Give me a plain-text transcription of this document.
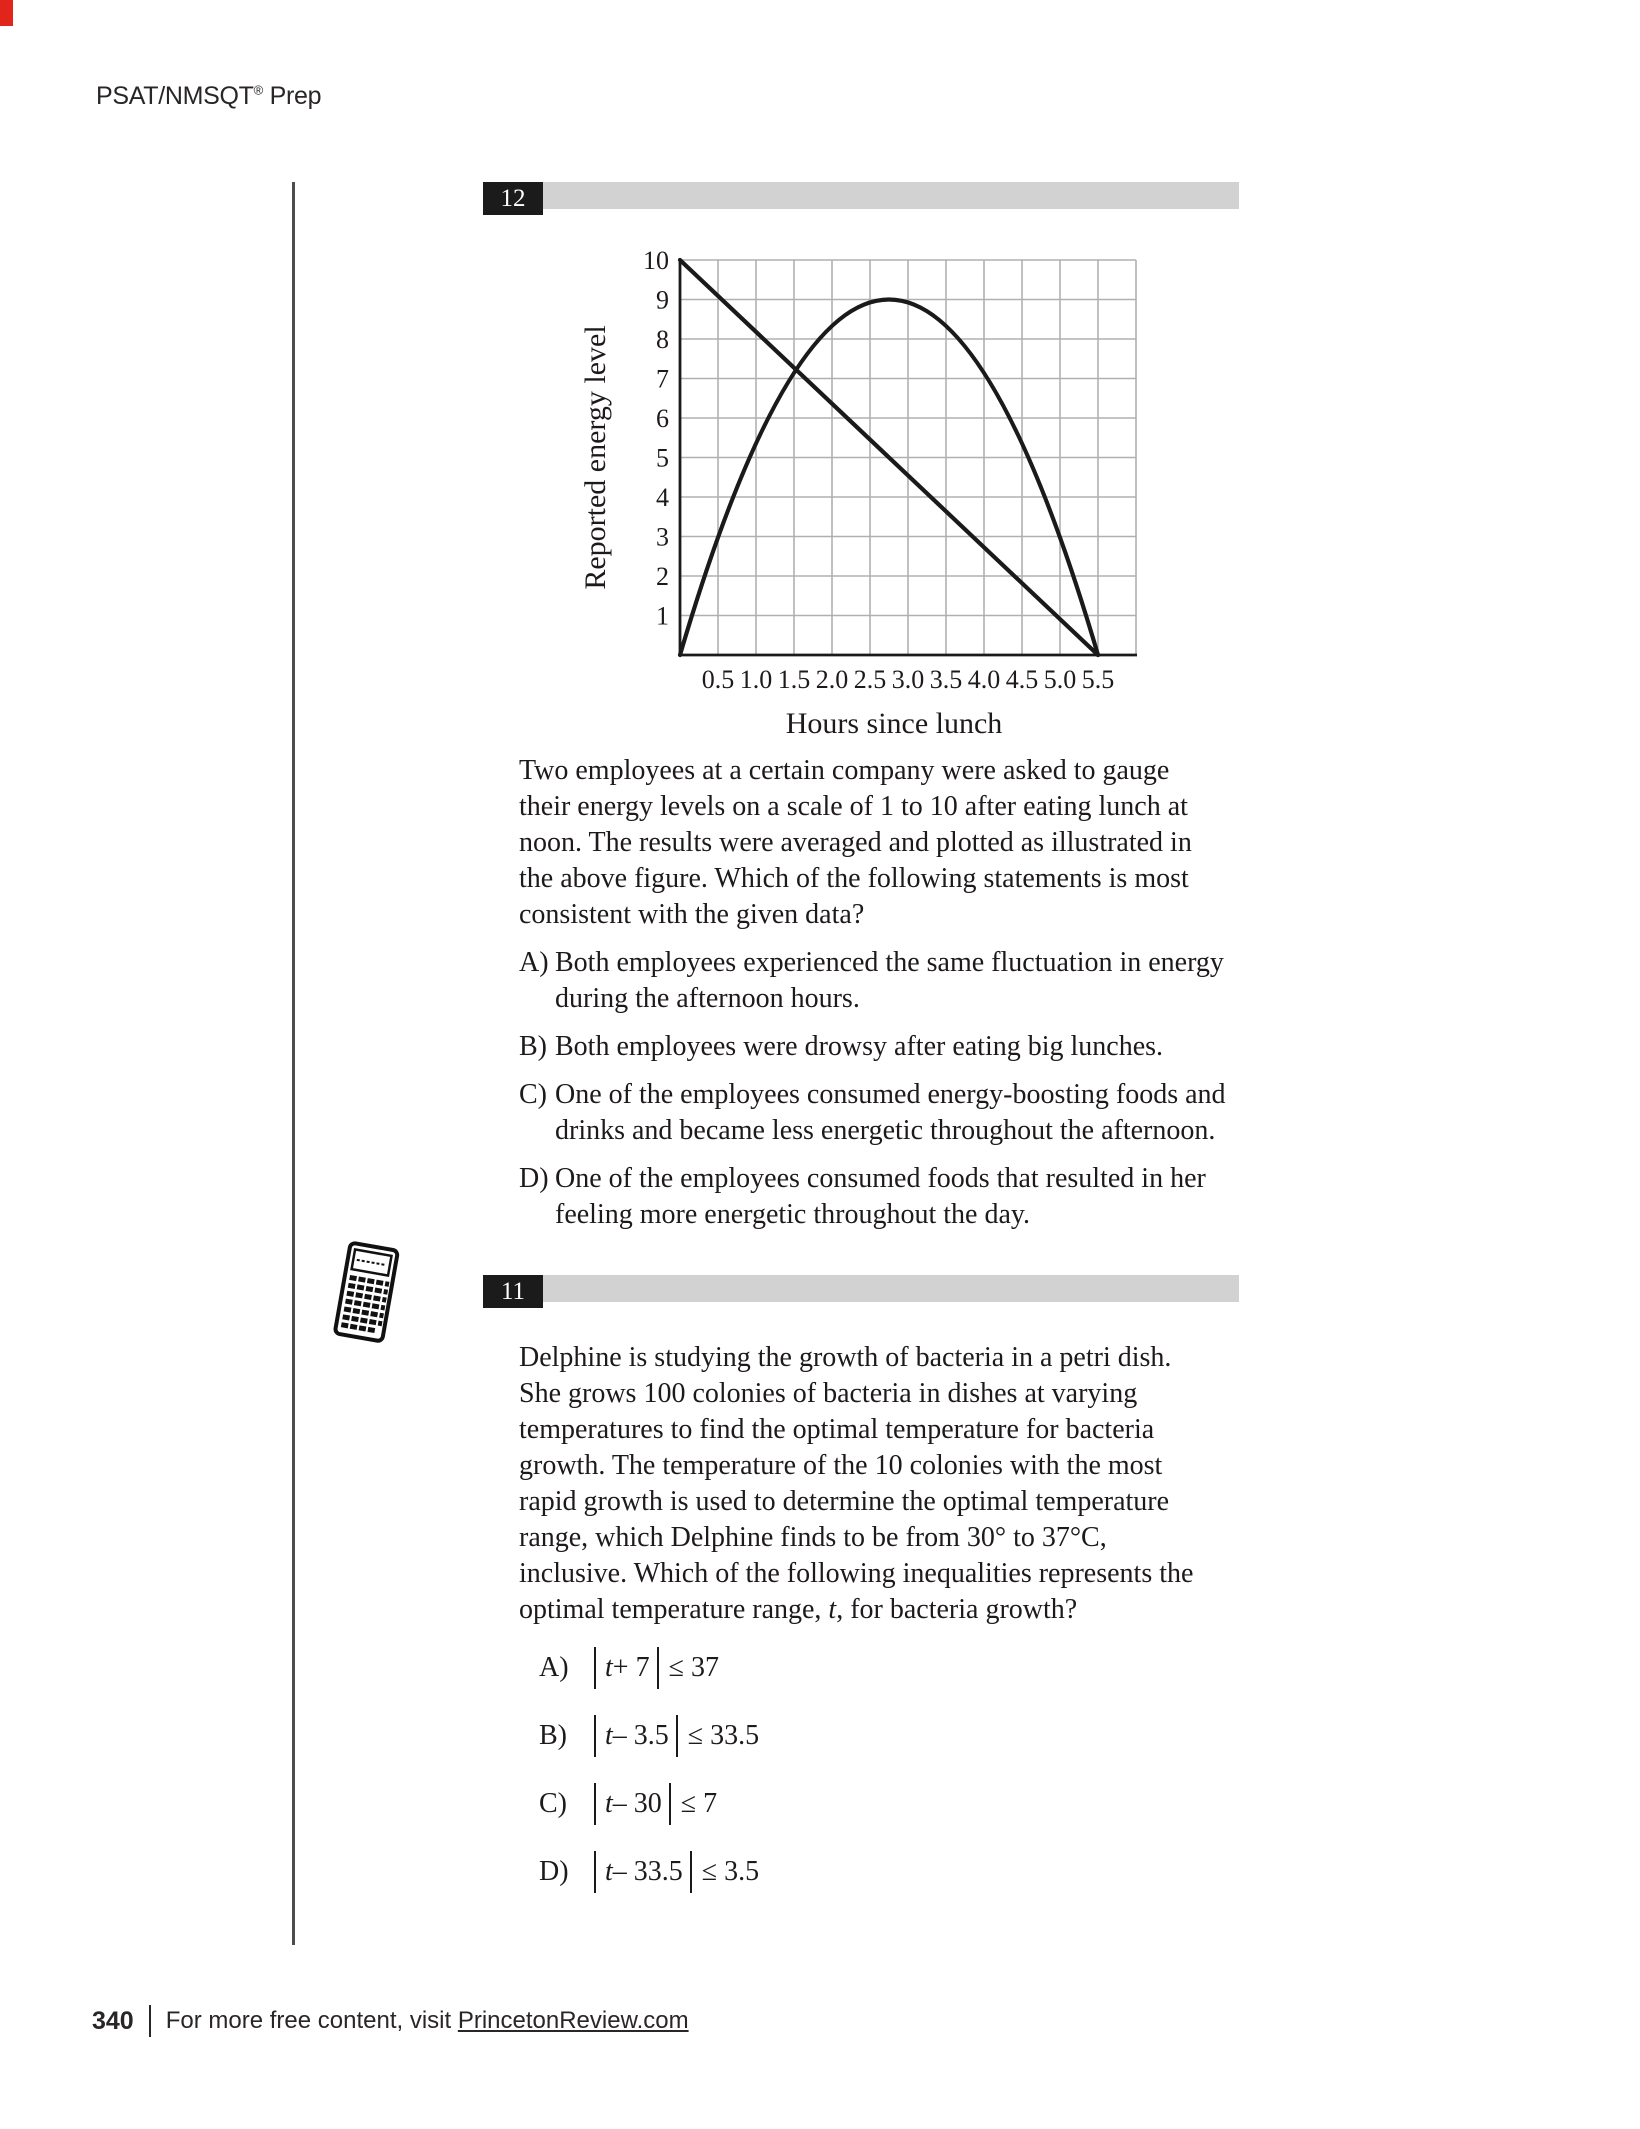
PSAT/NMSQT® Prep
12
0.5 1.0 1.5 2.0 2.5 3.0 3.5 4.0 4.5 5.0 5.5
1
2
3
4
5
6
7
8
9
10
Hours since lunch
Reported energy level
Two employees at a certain company were asked to gauge
their energy levels on a scale of 1 to 10 after eating lunch at
noon. The results were averaged and plotted as illustrated in
the above figure. Which of the following statements is most
consistent with the given data?
A) Both employees experienced the same fluctuation in energy
during the afternoon hours.
B) Both employees were drowsy after eating big lunches.
C) One of the employees consumed energy-boosting foods and
drinks and became less energetic throughout the afternoon.
D) One of the employees consumed foods that resulted in her
feeling more energetic throughout the day.
11
Delphine is studying the growth of bacteria in a petri dish.
She grows 100 colonies of bacteria in dishes at varying
temperatures to find the optimal temperature for bacteria
growth. The temperature of the 10 colonies with the most
rapid growth is used to determine the optimal temperature
range, which Delphine finds to be from 30° to 37°C,
inclusive. Which of the following inequalities represents the
optimal temperature range, t, for bacteria growth?
A)	t + 7 ≤ 37
B)	t – 3.5 ≤ 33.5
C)	t – 30 ≤ 7
D)	t – 33.5 ≤ 3.5
340 For more free content, visit PrincetonReview.com
